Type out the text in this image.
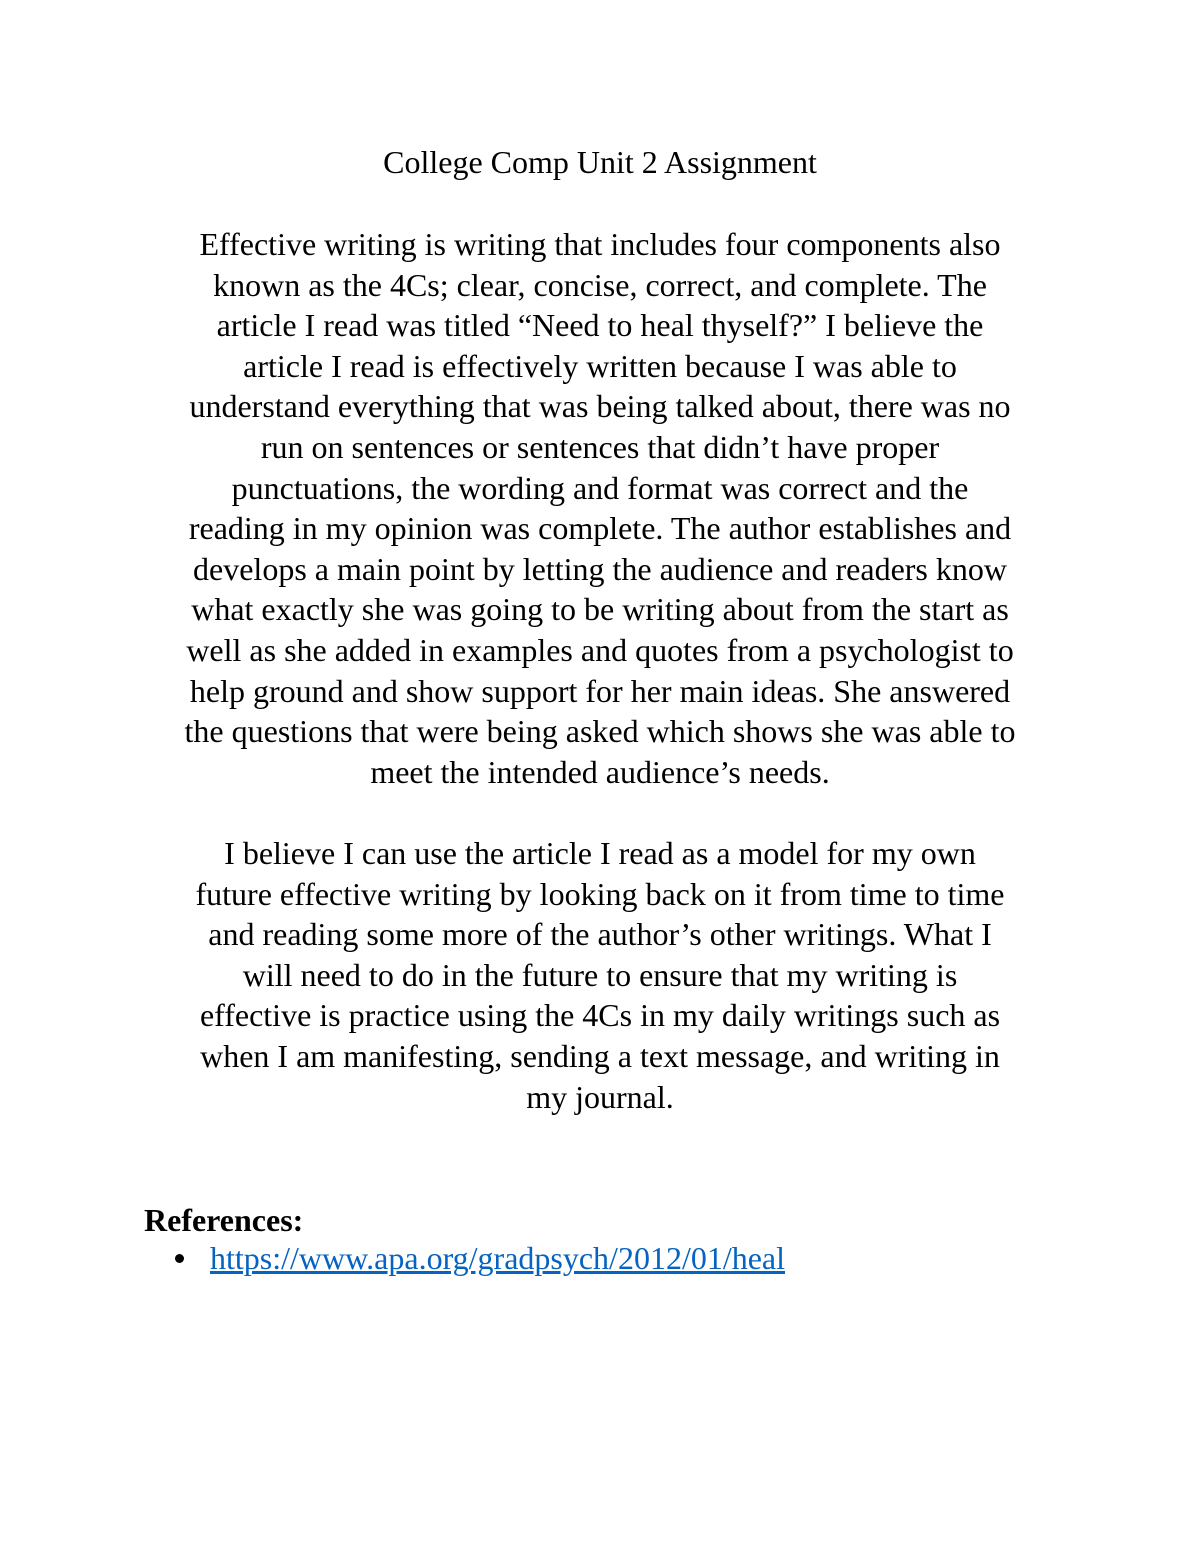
College Comp Unit 2 Assignment

Effective writing is writing that includes four components also
known as the 4Cs; clear, concise, correct, and complete. The
article I read was titled “Need to heal thyself?” I believe the
article I read is effectively written because I was able to
understand everything that was being talked about, there was no
run on sentences or sentences that didn’t have proper
punctuations, the wording and format was correct and the
reading in my opinion was complete. The author establishes and
develops a main point by letting the audience and readers know
what exactly she was going to be writing about from the start as
well as she added in examples and quotes from a psychologist to
help ground and show support for her main ideas. She answered
the questions that were being asked which shows she was able to
meet the intended audience’s needs.

I believe I can use the article I read as a model for my own
future effective writing by looking back on it from time to time
and reading some more of the author’s other writings. What I
will need to do in the future to ensure that my writing is
effective is practice using the 4Cs in my daily writings such as
when I am manifesting, sending a text message, and writing in
my journal.

References:
https://www.apa.org/gradpsych/2012/01/heal
